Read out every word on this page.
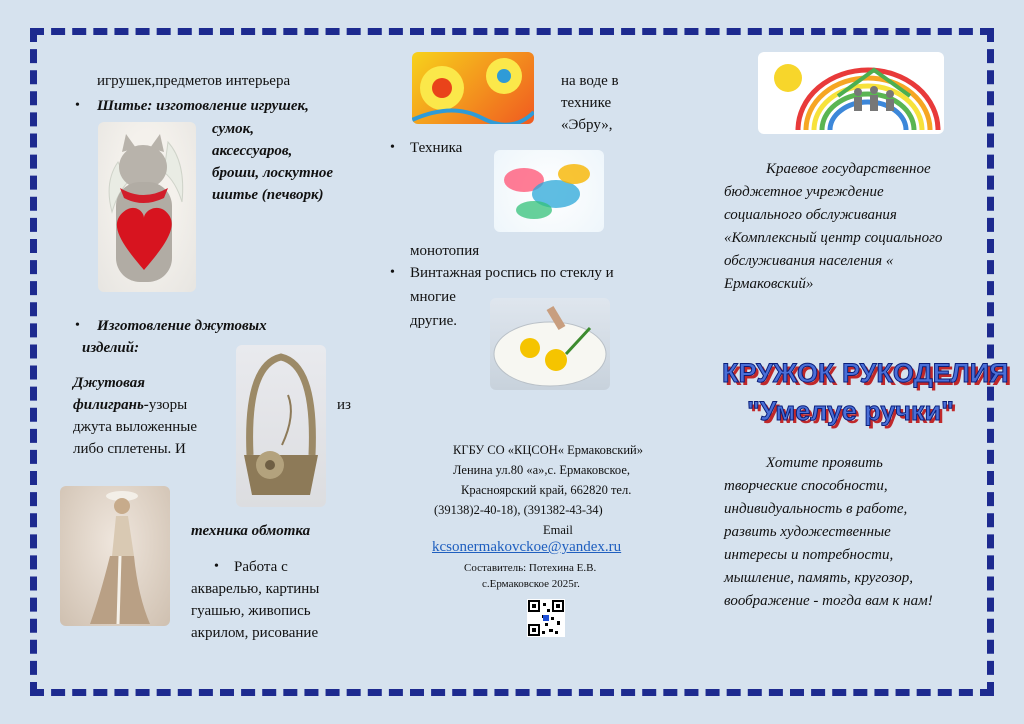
игрушек,предметов интерьера
• Шитье: изготовление игрушек,
сумок,
аксессуаров,
броши, лоскутное
шитье (печворк)
• Изготовление джутовых
изделий:
Джутовая
филигрань-узоры	из
джута выложенные
либо сплетены. И
техника обмотка
• Работа с
акварелью, картины
гуашью, живопись
акрилом, рисование
на воде в
технике
«Эбру»,
• Техника
монотопия
• Винтажная роспись по стеклу и
многие
другие.
КГБУ СО «КЦСОН« Ермаковский»
Ленина ул.80 «а»,с. Ермаковское,
Красноярский край, 662820 тел.
(39138)2-40-18), (391382-43-34)
Email
kcsonermakovckoe@yandex.ru
Составитель: Потехина Е.В.
с.Ермаковское 2025г.
Краевое государственное
бюджетное учреждение
социального обслуживания
«Комплексный центр социального
обслуживания населения «
Ермаковский»
КРУЖОК РУКОДЕЛИЯ
"Умелуе ручки"
Хотите проявить
творческие способности,
индивидуальность в работе,
развить художественные
интересы и потребности,
мышление, память, кругозор,
воображение - тогда вам к нам!
